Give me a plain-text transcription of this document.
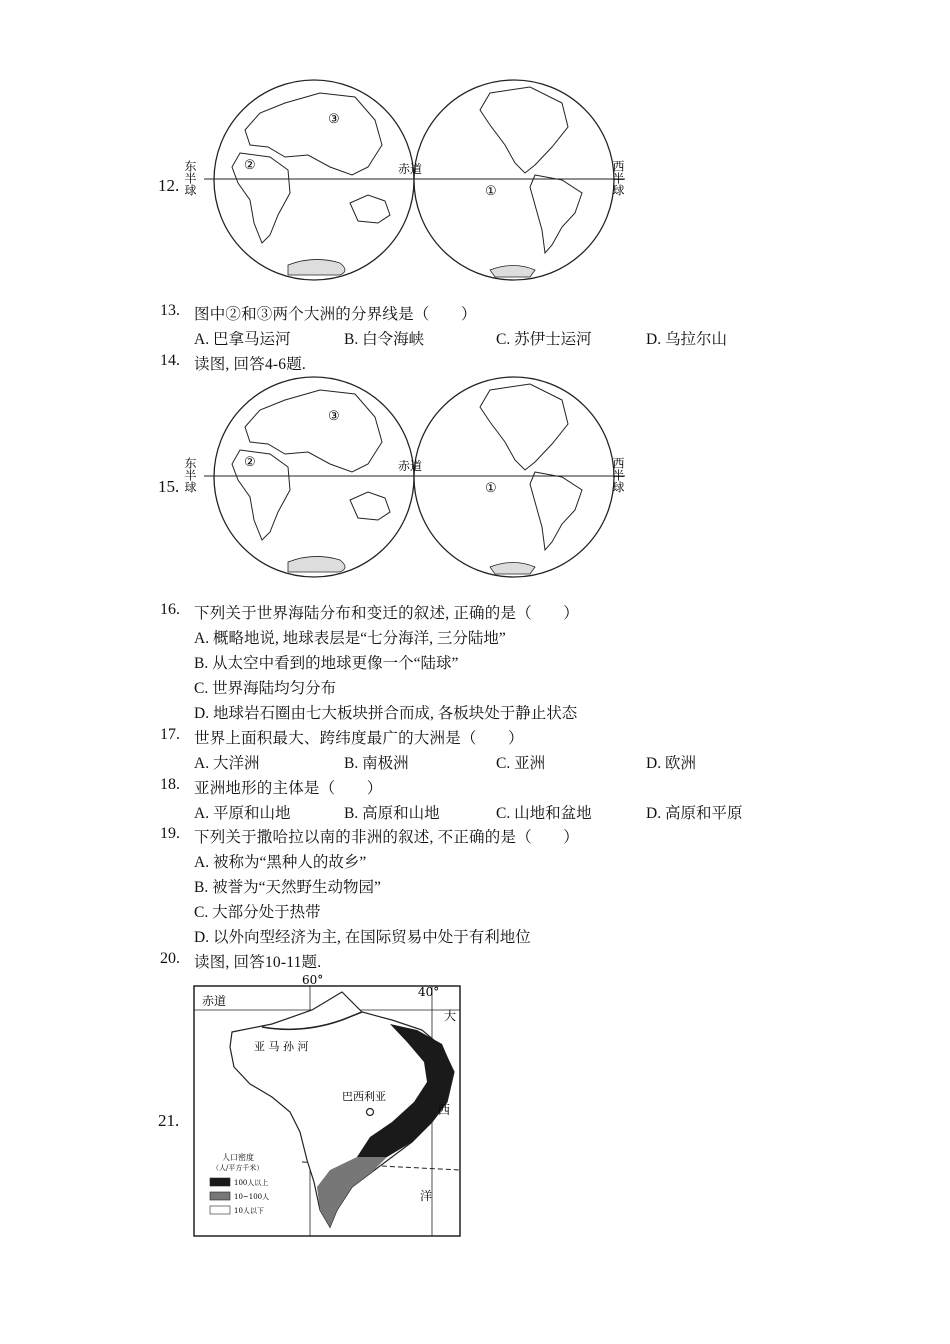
12. 东半球	西半球
赤道
③
②
①
13. 图中②和③两个大洲的分界线是（　　）
A. 巴拿马运河	B. 白令海峡	C. 苏伊士运河	D. 乌拉尔山
14. 读图, 回答4-6题.
15. 东半球	西半球
赤道
③
②
①
16. 下列关于世界海陆分布和变迁的叙述, 正确的是（　　）
A. 概略地说, 地球表层是“七分海洋, 三分陆地”
B. 从太空中看到的地球更像一个“陆球”
C. 世界海陆均匀分布
D. 地球岩石圈由七大板块拼合而成, 各板块处于静止状态
17. 世界上面积最大、跨纬度最广的大洲是（　　）
A. 大洋洲	B. 南极洲	C. 亚洲	D. 欧洲
18. 亚洲地形的主体是（　　）
A. 平原和山地	B. 高原和山地	C. 山地和盆地	D. 高原和平原
19. 下列关于撒哈拉以南的非洲的叙述, 不正确的是（　　）
A. 被称为“黑种人的故乡”
B. 被誉为“天然野生动物园”
C. 大部分处于热带
D. 以外向型经济为主, 在国际贸易中处于有利地位
20. 读图, 回答10-11题.
21.
60°
40°
赤道
亚 马 孙 河
巴西利亚
大
西
洋
人口密度
（人/平方千米）
100人以上
10~100人
10人以下
